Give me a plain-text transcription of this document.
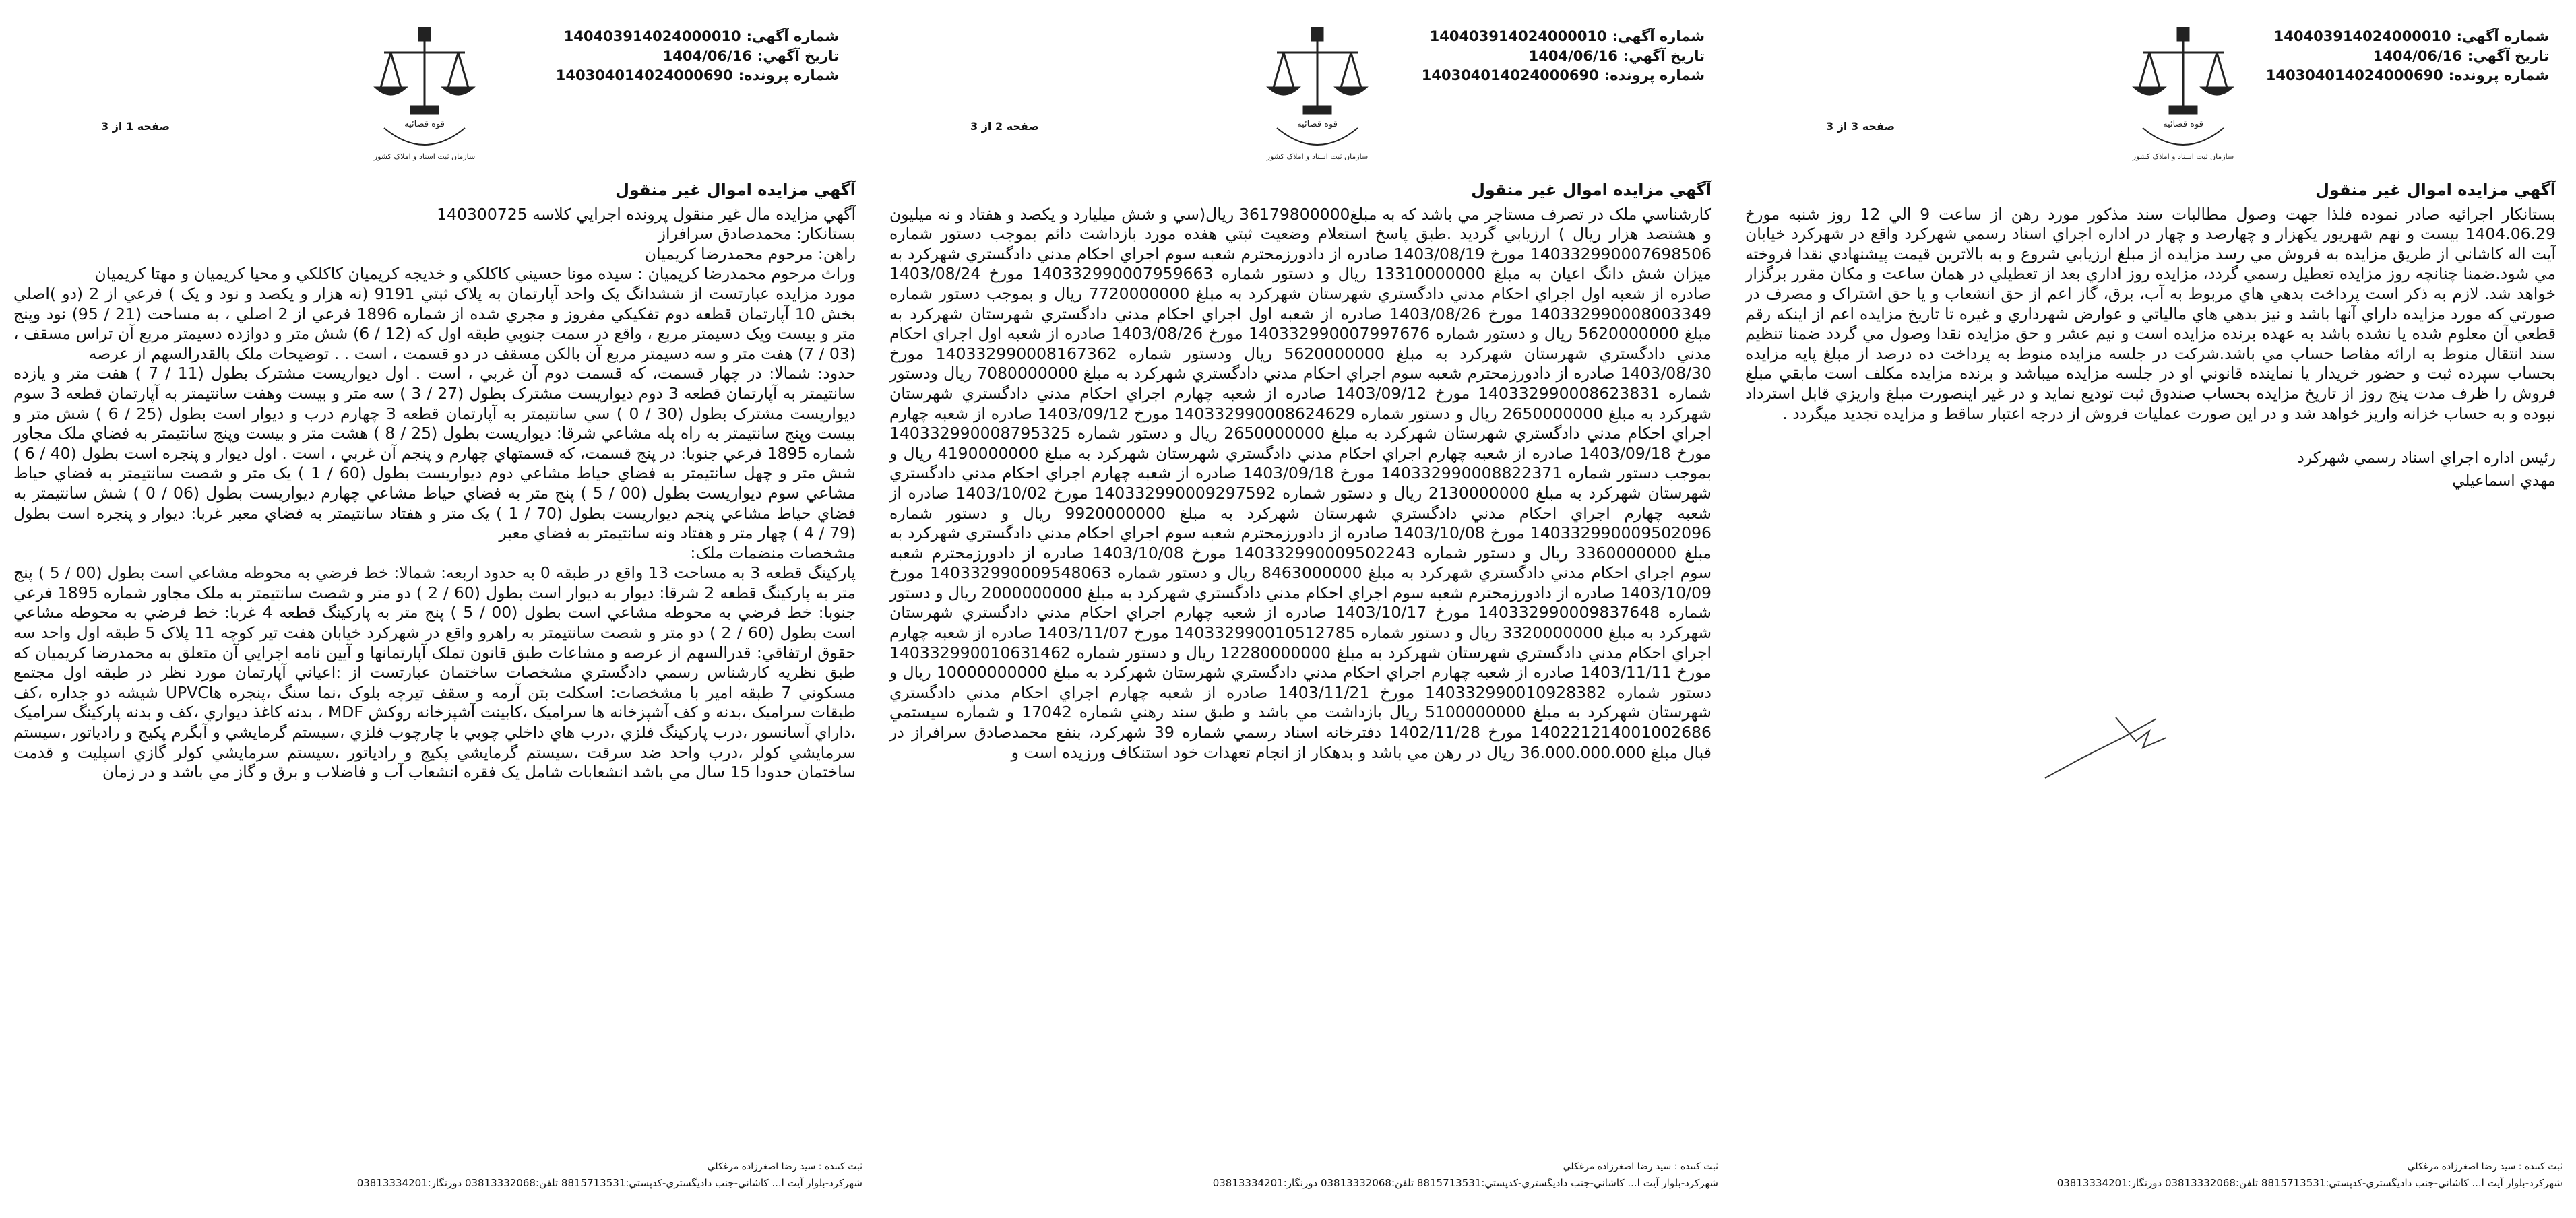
شماره آگهي:
140403914024000010
تاريخ آگهي:
1404/06/16
شماره پرونده:
140304014024000690
قوه قضائيه
سازمان ثبت اسناد و املاک کشور
صفحه 1 از 3
آگهي مزايده اموال غير منقول

آگهي مزايده مال غير منقول پرونده اجرايي كلاسه 140300725

بستانكار: محمدصادق سرافراز

راهن: مرحوم محمدرضا كريميان

وراث مرحوم محمدرضا كريميان : سيده مونا حسيني كاكلكي و خديجه كريميان كاكلكي و محيا كريميان و مهتا كريميان

مورد مزايده عبارتست از ششدانگ يک واحد آپارتمان به پلاک ثبتي 9191 (نه هزار و يکصد و نود و يک ) فرعي از 2 (دو )اصلي بخش 10 آپارتمان قطعه دوم تفکيکي مفروز و مجري شده از شماره 1896 فرعي از 2 اصلي ، به مساحت (21 / 95) نود وپنج متر و بيست ويک دسيمتر مربع ، واقع در سمت جنوبي طبقه اول که (12 / 6) شش متر و دوازده دسيمتر مربع آن تراس مسقف ، (03 / 7) هفت متر و سه دسيمتر مربع آن بالکن مسقف در دو قسمت ، است . . توضيحات ملک بالقدرالسهم از عرصه

حدود: شمالا: در چهار قسمت، که قسمت دوم آن غربي ، است . اول ديواريست مشترک بطول (11 / 7 ) هفت متر و يازده سانتيمتر به آپارتمان قطعه 3 دوم ديواريست مشترک بطول (27 / 3 ) سه متر و بيست وهفت سانتيمتر به آپارتمان قطعه 3 سوم ديواريست مشترک بطول (30 / 0 ) سي سانتيمتر به آپارتمان قطعه 3 چهارم درب و ديوار است بطول (25 / 6 ) شش متر و بيست وپنج سانتيمتر به راه پله مشاعي شرقا: ديواريست بطول (25 / 8 ) هشت متر و بيست وپنج سانتيمتر به فضاي ملک مجاور شماره 1895 فرعي جنوبا: در پنج قسمت، که قسمتهاي چهارم و پنجم آن غربي ، است . اول ديوار و پنجره است بطول (40 / 6 ) شش متر و چهل سانتيمتر به فضاي حياط مشاعي دوم ديواريست بطول (60 / 1 ) يک متر و شصت سانتيمتر به فضاي حياط مشاعي سوم ديواريست بطول (00 / 5 ) پنج متر به فضاي حياط مشاعي چهارم ديواريست بطول (06 / 0 ) شش سانتيمتر به فضاي حياط مشاعي پنجم ديواريست بطول (70 / 1 ) يک متر و هفتاد سانتيمتر به فضاي معبر غربا: ديوار و پنجره است بطول (79 / 4 ) چهار متر و هفتاد ونه سانتيمتر به فضاي معبر

مشخصات منضمات ملک:

پارکينگ قطعه 3 به مساحت 13 واقع در طبقه 0 به حدود اربعه: شمالا: خط فرضي به محوطه مشاعي است بطول (00 / 5 ) پنج متر به پارکينگ قطعه 2 شرقا: ديوار به ديوار است بطول (60 / 2 ) دو متر و شصت سانتيمتر به ملک مجاور شماره 1895 فرعي جنوبا: خط فرضي به محوطه مشاعي است بطول (00 / 5 ) پنج متر به پارکينگ قطعه 4 غربا: خط فرضي به محوطه مشاعي است بطول (60 / 2 ) دو متر و شصت سانتيمتر به راهرو واقع در شهرکرد خيابان هفت تير کوچه 11 پلاک 5 طبقه اول واحد سه حقوق ارتفاقي: قدرالسهم از عرصه و مشاعات طبق قانون تملک آپارتمانها و آيين نامه اجرايي آن متعلق به محمدرضا كريميان که طبق نظريه کارشناس رسمي دادگستري مشخصات ساختمان عبارتست از :اعياني آپارتمان مورد نظر در طبقه اول مجتمع مسکوني 7 طبقه امير با مشخصات: اسکلت بتن آرمه و سقف تيرچه بلوک ،نما سنگ ،پنجره هاUPVC شيشه دو جداره ،کف طبقات سراميک ،بدنه و کف آشپزخانه ها سراميک ،کابينت آشپزخانه روکش MDF ، بدنه کاغذ ديواري ،کف و بدنه پارکينگ سراميک ،داراي آسانسور ،درب پارکينگ فلزي ،درب هاي داخلي چوبي با چارچوب فلزي ،سيستم گرمايشي و آبگرم پکيج و رادياتور ،سيستم سرمايشي کولر ،درب واحد ضد سرقت ،سيستم گرمايشي پکيج و رادياتور ،سيستم سرمايشي کولر گازي اسپليت و قدمت ساختمان حدودا 15 سال مي باشد انشعابات شامل يک فقره انشعاب آب و فاضلاب و برق و گاز مي باشد و در زمان

ثبت کننده : سيد رضا اصغرزاده مرغکلي
شهرکرد-بلوار آيت ا... کاشاني-جنب داديگستري-کدپستي:8815713531 تلفن:03813332068 دورنگار:03813334201
شماره آگهي:
140403914024000010
تاريخ آگهي:
1404/06/16
شماره پرونده:
140304014024000690
قوه قضائيه
سازمان ثبت اسناد و املاک کشور
صفحه 2 از 3
آگهي مزايده اموال غير منقول

کارشناسي ملک در تصرف مستاجر مي باشد که به مبلغ36179800000 ريال(سي و شش ميليارد و يکصد و هفتاد و نه ميليون و هشتصد هزار ريال ) ارزيابي گرديد .طبق پاسخ استعلام وضعيت ثبتي هفده مورد بازداشت دائم بموجب دستور شماره 140332990007698506 مورخ 1403/08/19 صادره از دادورزمحترم شعبه سوم اجراي احكام مدني دادگستري شهرکرد به ميزان شش دانگ اعيان به مبلغ 13310000000 ريال و دستور شماره 140332990007959663 مورخ 1403/08/24 صادره از شعبه اول اجراي احکام مدني دادگستري شهرستان شهرکرد به مبلغ 7720000000 ريال و بموجب دستور شماره 140332990008003349 مورخ 1403/08/26 صادره از شعبه اول اجراي احكام مدني دادگستري شهرستان شهرکرد به مبلغ 5620000000 ريال و دستور شماره 140332990007997676 مورخ 1403/08/26 صادره از شعبه اول اجراي احکام مدني دادگستري شهرستان شهرکرد به مبلغ 5620000000 ريال ودستور شماره 140332990008167362 مورخ 1403/08/30 صادره از دادورزمحترم شعبه سوم اجراي احکام مدني دادگستري شهرکرد به مبلغ 7080000000 ريال ودستور شماره 140332990008623831 مورخ 1403/09/12 صادره از شعبه چهارم اجراي احكام مدني دادگستري شهرستان شهرکرد به مبلغ 2650000000 ريال و دستور شماره 140332990008624629 مورخ 1403/09/12 صادره از شعبه چهارم اجراي احکام مدني دادگستري شهرستان شهرکرد به مبلغ 2650000000 ريال و دستور شماره 140332990008795325 مورخ 1403/09/18 صادره از شعبه چهارم اجراي احكام مدني دادگستري شهرستان شهرکرد به مبلغ 4190000000 ريال و بموجب دستور شماره 140332990008822371 مورخ 1403/09/18 صادره از شعبه چهارم اجراي احکام مدني دادگستري شهرستان شهرکرد به مبلغ 2130000000 ريال و دستور شماره 140332990009297592 مورخ 1403/10/02 صادره از شعبه چهارم اجراي احکام مدني دادگستري شهرستان شهرکرد به مبلغ 9920000000 ريال و دستور شماره 140332990009502096 مورخ 1403/10/08 صادره از دادورزمحترم شعبه سوم اجراي احکام مدني دادگستري شهرکرد به مبلغ 3360000000 ريال و دستور شماره 140332990009502243 مورخ 1403/10/08 صادره از دادورزمحترم شعبه سوم اجراي احکام مدني دادگستري شهرکرد به مبلغ 8463000000 ريال و دستور شماره 140332990009548063 مورخ 1403/10/09 صادره از دادورزمحترم شعبه سوم اجراي احکام مدني دادگستري شهرکرد به مبلغ 2000000000 ريال و دستور شماره 140332990009837648 مورخ 1403/10/17 صادره از شعبه چهارم اجراي احکام مدني دادگستري شهرستان شهرکرد به مبلغ 3320000000 ريال و دستور شماره 140332990010512785 مورخ 1403/11/07 صادره از شعبه چهارم اجراي احکام مدني دادگستري شهرستان شهرکرد به مبلغ 12280000000 ريال و دستور شماره 140332990010631462 مورخ 1403/11/11 صادره از شعبه چهارم اجراي احكام مدني دادگستري شهرستان شهرکرد به مبلغ 10000000000 ريال و دستور شماره 140332990010928382 مورخ 1403/11/21 صادره از شعبه چهارم اجراي احکام مدني دادگستري شهرستان شهرکرد به مبلغ 5100000000 ريال بازداشت مي باشد و طبق سند رهني شماره 17042 و شماره سيستمي 140221214001002686 مورخ 1402/11/28 دفترخانه اسناد رسمي شماره 39 شهرکرد، بنفع محمدصادق سرافراز در قبال مبلغ 36.000.000.000 ريال در رهن مي باشد و بدهکار از انجام تعهدات خود استنکاف ورزيده است و

ثبت کننده : سيد رضا اصغرزاده مرغکلي
شهرکرد-بلوار آيت ا... کاشاني-جنب داديگستري-کدپستي:8815713531 تلفن:03813332068 دورنگار:03813334201
شماره آگهي:
140403914024000010
تاريخ آگهي:
1404/06/16
شماره پرونده:
140304014024000690
قوه قضائيه
سازمان ثبت اسناد و املاک کشور
صفحه 3 از 3
آگهي مزايده اموال غير منقول

بستانكار اجرائيه صادر نموده فلذا جهت وصول مطالبات سند مذكور مورد رهن از ساعت 9 الي 12 روز شنبه مورخ 1404.06.29 بيست و نهم شهريور يکهزار و چهارصد و چهار در اداره اجراي اسناد رسمي شهرکرد واقع در شهرکرد خيابان آيت اله کاشاني از طريق مزايده به فروش مي رسد مزايده از مبلغ ارزيابي شروع و به بالاترين قيمت پيشنهادي نقدا فروخته مي شود.ضمنا چنانچه روز مزايده تعطيل رسمي گردد، مزايده روز اداري بعد از تعطيلي در همان ساعت و مکان مقرر برگزار خواهد شد. لازم به ذکر است پرداخت بدهي هاي مربوط به آب، برق، گاز اعم از حق انشعاب و يا حق اشتراک و مصرف در صورتي که مورد مزايده داراي آنها باشد و نيز بدهي هاي مالياتي و عوارض شهرداري و غيره تا تاريخ مزايده اعم از اينکه رقم قطعي آن معلوم شده يا نشده باشد به عهده برنده مزايده است و نيم عشر و حق مزايده نقدا وصول مي گردد ضمنا تنظيم سند انتقال منوط به ارائه مفاصا حساب مي باشد.شركت در جلسه مزايده منوط به پرداخت ده درصد از مبلغ پايه مزايده بحساب سپرده ثبت و حضور خريدار يا نماينده قانوني او در جلسه مزايده ميباشد و برنده مزايده مكلف است مابقي مبلغ فروش را ظرف مدت پنج روز از تاريخ مزايده بحساب صندوق ثبت توديع نمايد و در غير اينصورت مبلغ واريزي قابل استرداد نبوده و به حساب خزانه واريز خواهد شد و در اين صورت عمليات فروش از درجه اعتبار ساقط و مزايده تجديد ميگردد .

رئيس اداره اجراي اسناد رسمي شهرکرد
مهدي اسماعيلي
ثبت کننده : سيد رضا اصغرزاده مرغکلي
شهرکرد-بلوار آيت ا... کاشاني-جنب داديگستري-کدپستي:8815713531 تلفن:03813332068 دورنگار:03813334201
